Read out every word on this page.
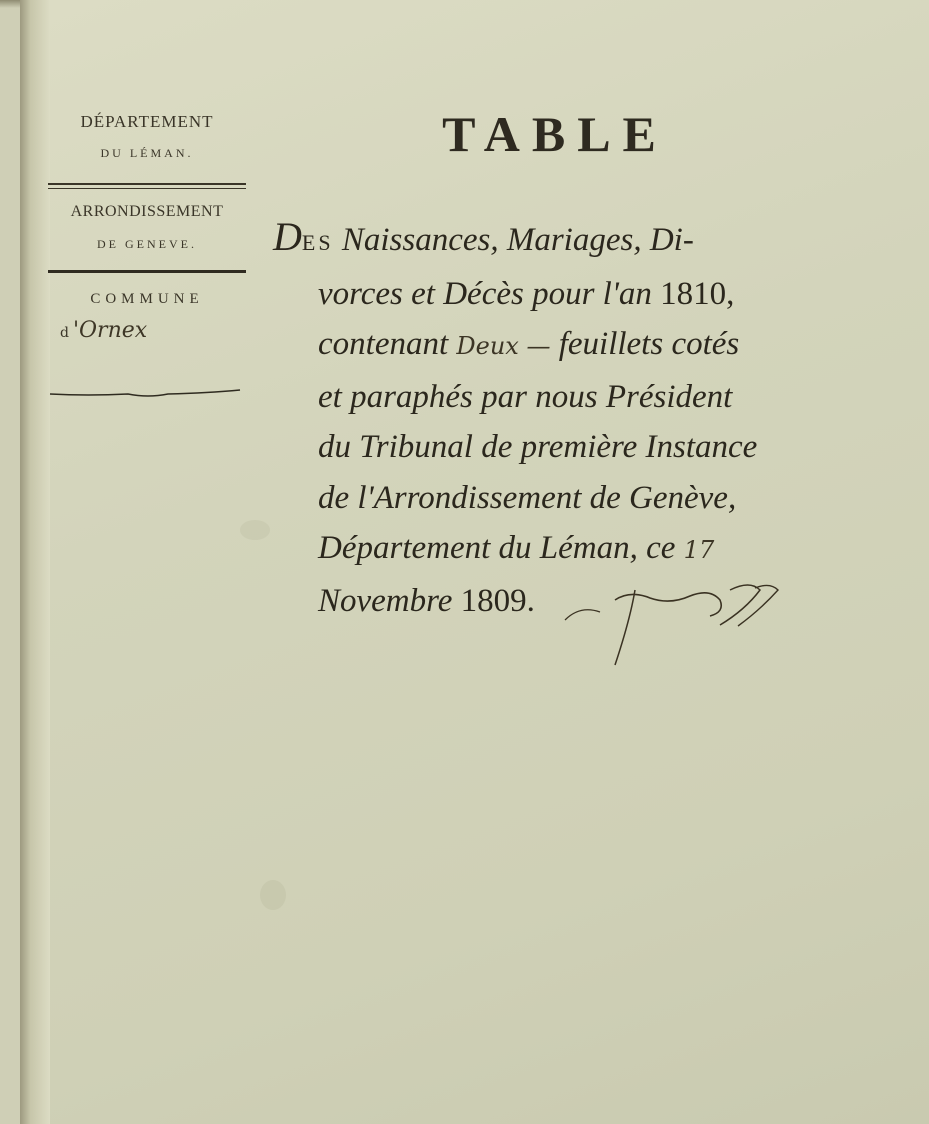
DÉPARTEMENT
DU LÉMAN.
ARRONDISSEMENT
DE GENEVE.
COMMUNE
d 'Ornex
TABLE
DES Naissances, Mariages, Di-
vorces et Décès pour l'an 1810,
contenant Deux — feuillets cotés
et paraphés par nous Président
du Tribunal de première Instance
de l'Arrondissement de Genève,
Département du Léman, ce 17
Novembre 1809.
